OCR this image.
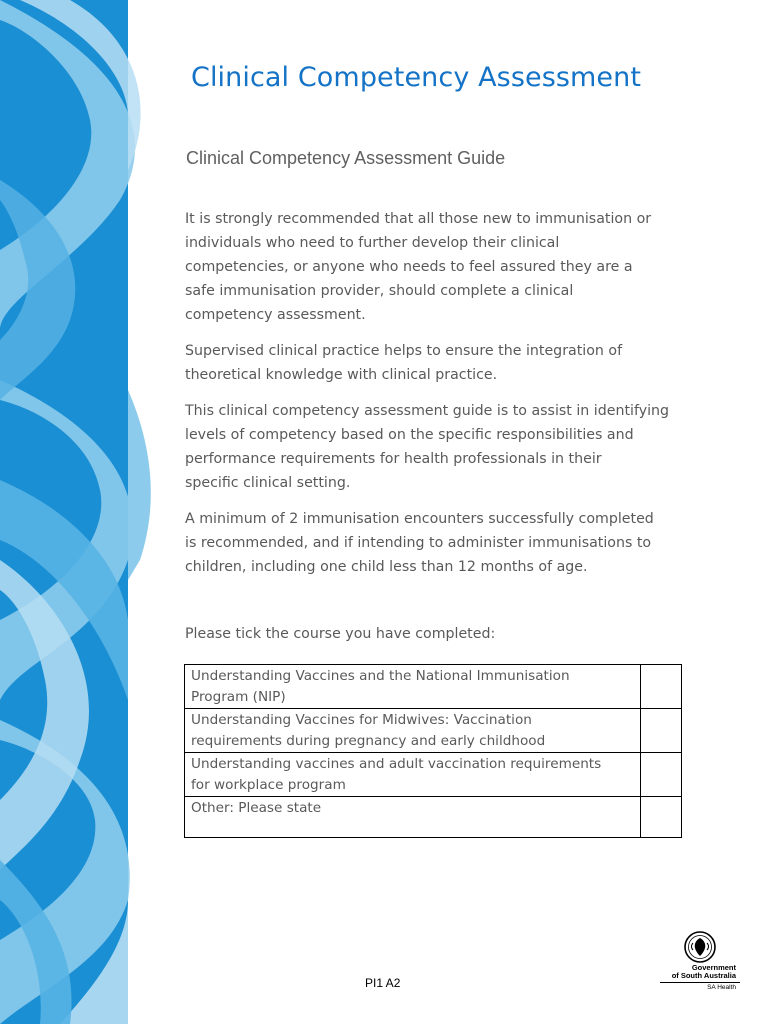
Clinical Competency Assessment
Clinical Competency Assessment Guide

It is strongly recommended that all those new to immunisation or
individuals who need to further develop their clinical
competencies, or anyone who needs to feel assured they are a
safe immunisation provider, should complete a clinical
competency assessment.

Supervised clinical practice helps to ensure the integration of
theoretical knowledge with clinical practice.

This clinical competency assessment guide is to assist in identifying
levels of competency based on the specific responsibilities and
performance requirements for health professionals in their
specific clinical setting.

A minimum of 2 immunisation encounters successfully completed
is recommended, and if intending to administer immunisations to
children, including one child less than 12 months of age.

Please tick the course you have completed:
Understanding Vaccines and the National Immunisation
Program (NIP)	
Understanding Vaccines for Midwives: Vaccination
requirements during pregnancy and early childhood	
Understanding vaccines and adult vaccination requirements
for workplace program	
Other: Please state	
PI1 A2
Government
of South Australia
SA Health
